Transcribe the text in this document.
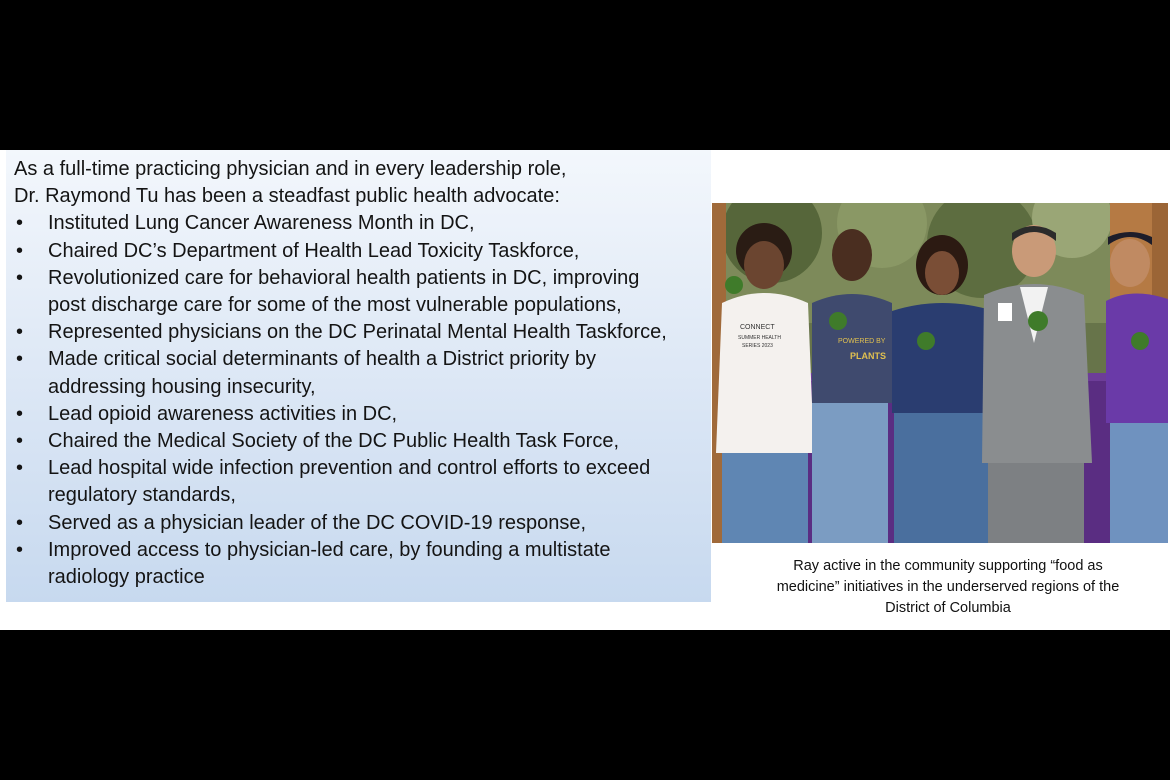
As a full-time practicing physician and in every leadership role,

Dr. Raymond Tu has been a steadfast public health advocate:

• Instituted Lung Cancer Awareness Month in DC,
• Chaired DC’s Department of Health Lead Toxicity Taskforce,
• Revolutionized care for behavioral health patients in DC, improving
post discharge care for some of the most vulnerable populations,
• Represented physicians on the DC Perinatal Mental Health Taskforce,
• Made critical social determinants of health a District priority by
addressing housing insecurity,
• Lead opioid awareness activities in DC,
• Chaired the Medical Society of the DC Public Health Task Force,
• Lead hospital wide infection prevention and control efforts to exceed
regulatory standards,
• Served as a physician leader of the DC COVID-19 response,
• Improved access to physician-led care, by founding a multistate
radiology practice
CONNECT
SUMMER HEALTH
SERIES 2023
POWERED BY
PLANTS
Ray active in the community supporting “food as
medicine” initiatives in the underserved regions of the
District of Columbia
